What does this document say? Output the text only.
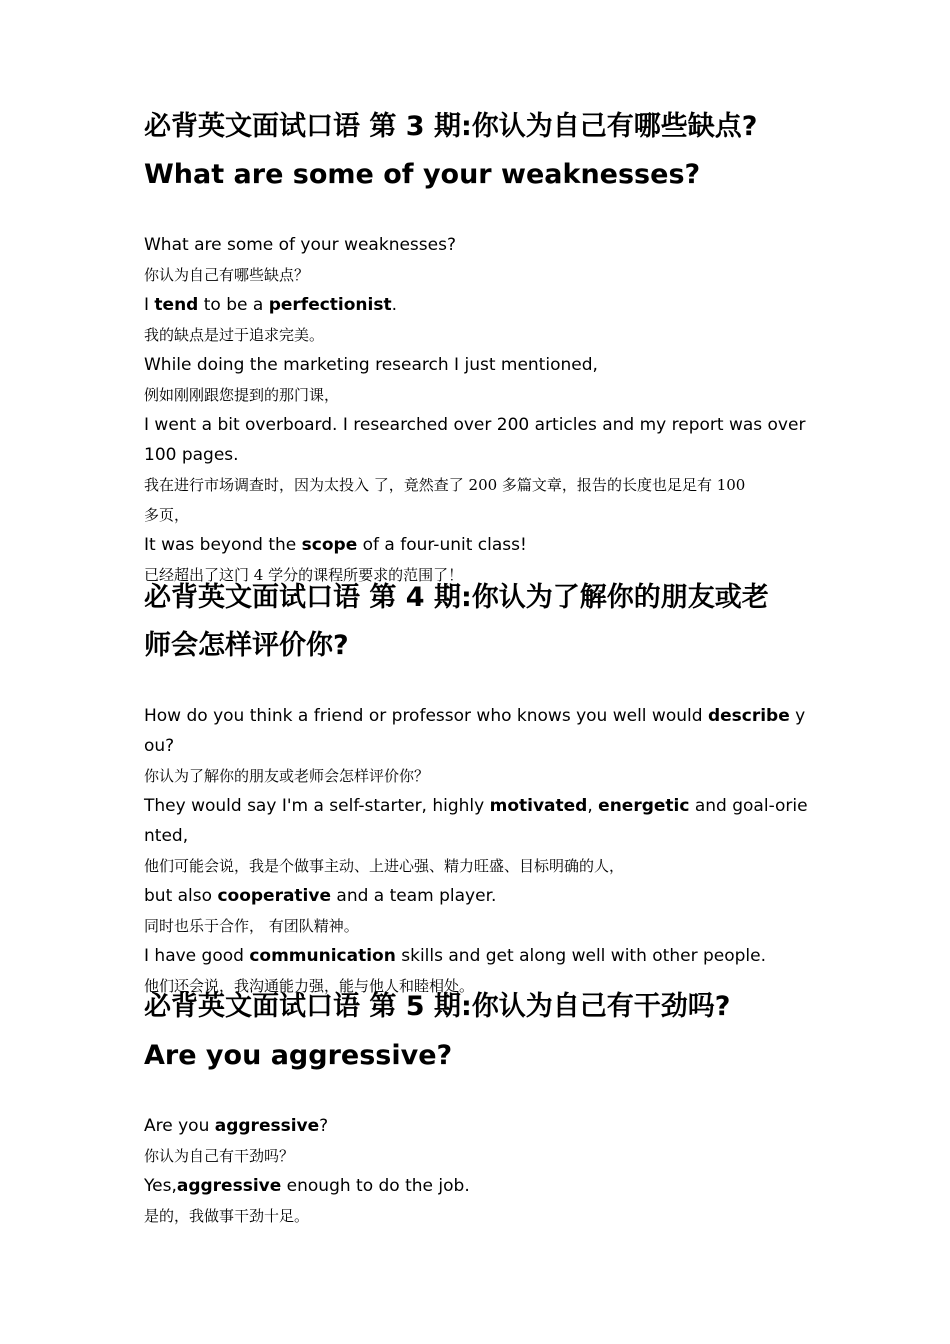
必背英文面试口语 第 3 期:你认为自己有哪些缺点?
What are some of your weaknesses?

What are some of your weaknesses?

你认为自己有哪些缺点？

I tend to be a perfectionist.

我的缺点是过于追求完美。

While doing the marketing research I just mentioned,

例如刚刚跟您提到的那门课，

I went a bit overboard. I researched over 200 articles and my report was over

100 pages.

我在进行市场调查时，因为太投入 了，竟然查了 200 多篇文章，报告的长度也足足有 100

多页，

It was beyond the scope of a four-unit class!

已经超出了这门 4 学分的课程所要求的范围了！

必背英文面试口语 第 4 期:你认为了解你的朋友或老
师会怎样评价你?

How do you think a friend or professor who knows you well would describe y

ou?

你认为了解你的朋友或老师会怎样评价你？

They would say I'm a self-starter, highly motivated, energetic and goal-orie

nted,

他们可能会说，我是个做事主动、上进心强、精力旺盛、目标明确的人，

but also cooperative and a team player.

同时也乐于合作， 有团队精神。

I have good communication skills and get along well with other people.

他们还会说，我沟通能力强，能与他人和睦相处。

必背英文面试口语 第 5 期:你认为自己有干劲吗?
Are you aggressive?

Are you aggressive?

你认为自己有干劲吗？

Yes,aggressive enough to do the job.

是的，我做事干劲十足。
